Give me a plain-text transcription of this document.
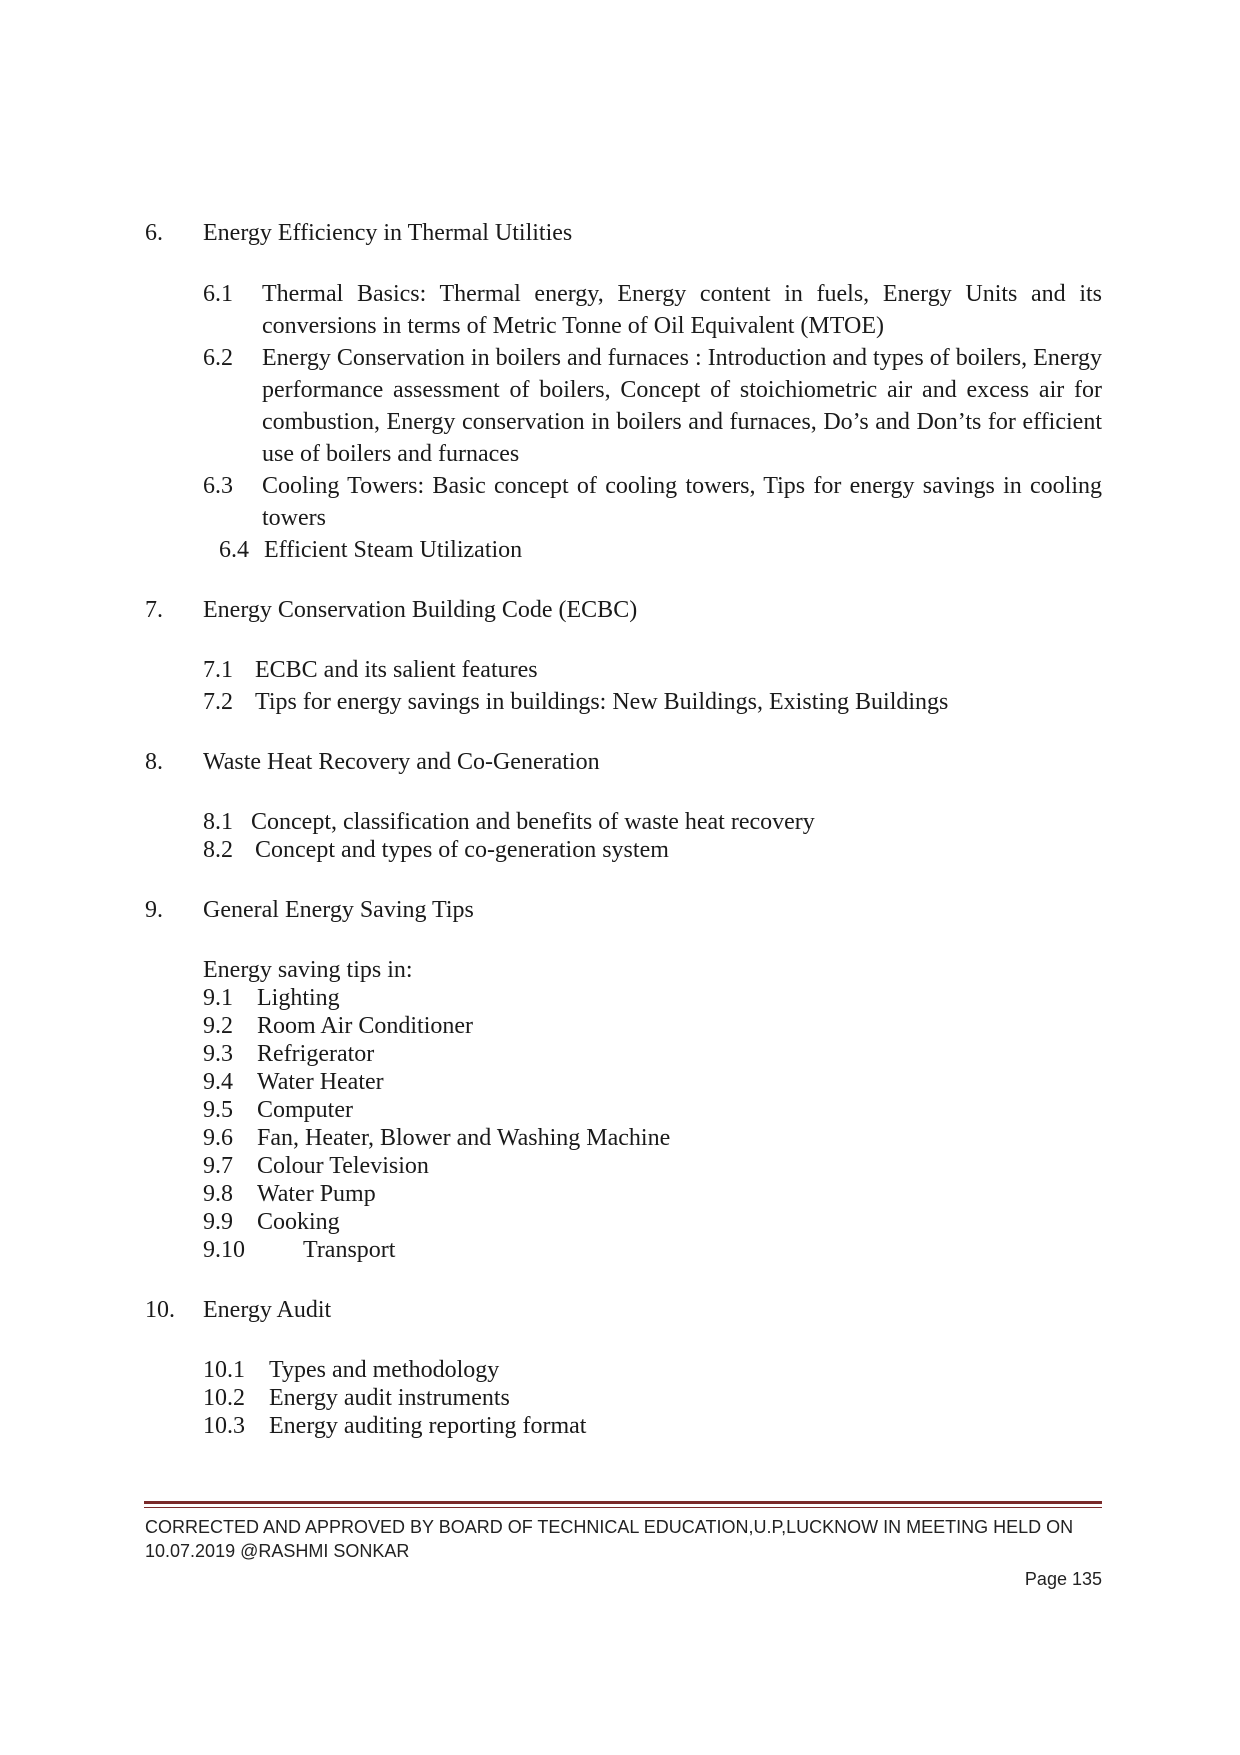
6. Energy Efficiency in Thermal Utilities
6.1 Thermal Basics: Thermal energy, Energy content in fuels, Energy Units and its conversions in terms of Metric Tonne of Oil Equivalent (MTOE)
6.2 Energy Conservation in boilers and furnaces : Introduction and types of boilers, Energy performance assessment of boilers, Concept of stoichiometric air and excess air for combustion, Energy conservation in boilers and furnaces, Do’s and Don’ts for efficient use of boilers and furnaces
6.3 Cooling Towers: Basic concept of cooling towers, Tips for energy savings in cooling towers
6.4 Efficient Steam Utilization
7. Energy Conservation Building Code (ECBC)
7.1 ECBC and its salient features
7.2 Tips for energy savings in buildings: New Buildings, Existing Buildings
8. Waste Heat Recovery and Co-Generation
8.1 Concept, classification and benefits of waste heat recovery
8.2 Concept and types of co-generation system
9. General Energy Saving Tips
Energy saving tips in:
9.1 Lighting
9.2 Room Air Conditioner
9.3 Refrigerator
9.4 Water Heater
9.5 Computer
9.6 Fan, Heater, Blower and Washing Machine
9.7 Colour Television
9.8 Water Pump
9.9 Cooking
9.10 Transport
10. Energy Audit
10.1 Types and methodology
10.2 Energy audit instruments
10.3 Energy auditing reporting format
CORRECTED AND APPROVED BY BOARD OF TECHNICAL EDUCATION,U.P,LUCKNOW IN MEETING HELD ON
10.07.2019 @RASHMI SONKAR
Page 135
